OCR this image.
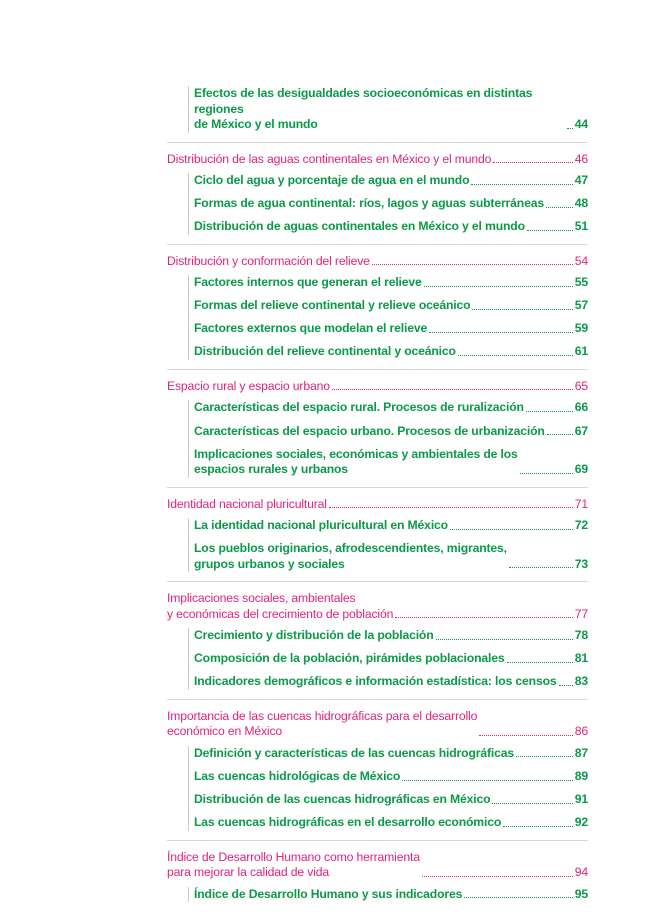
Efectos de las desigualdades socioeconómicas en distintas regiones
de México y el mundo	44
Distribución de las aguas continentales en México y el mundo	46
Ciclo del agua y porcentaje de agua en el mundo	47
Formas de agua continental: ríos, lagos y aguas subterráneas	48
Distribución de aguas continentales en México y el mundo	51
Distribución y conformación del relieve	54
Factores internos que generan el relieve	55
Formas del relieve continental y relieve oceánico	57
Factores externos que modelan el relieve	59
Distribución del relieve continental y oceánico	61
Espacio rural y espacio urbano	65
Características del espacio rural. Procesos de ruralización	66
Características del espacio urbano. Procesos de urbanización 67
Implicaciones sociales, económicas y ambientales de los
espacios rurales y urbanos	69
Identidad nacional pluricultural	71
La identidad nacional pluricultural en México	72
Los pueblos originarios, afrodescendientes, migrantes,
grupos urbanos y sociales	73
Implicaciones sociales, ambientales
y económicas del crecimiento de población	77
Crecimiento y distribución de la población	78
Composición de la población, pirámides poblacionales	81
Indicadores demográficos e información estadística: los censos 83
Importancia de las cuencas hidrográficas para el desarrollo
económico en México	86
Definición y características de las cuencas hidrográficas	87
Las cuencas hidrológicas de México	89
Distribución de las cuencas hidrográficas en México	91
Las cuencas hidrográficas en el desarrollo económico	92
Índice de Desarrollo Humano como herramienta
para mejorar la calidad de vida	94
Índice de Desarrollo Humano y sus indicadores	95
